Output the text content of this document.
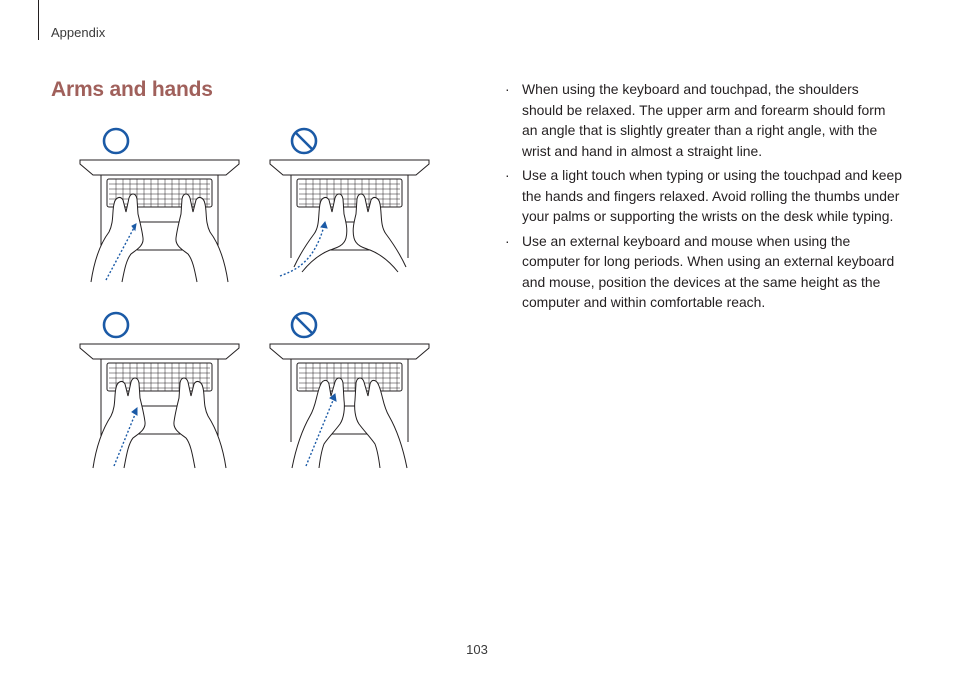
Appendix
Arms and hands	· When using the keyboard and touchpad, the shoulders should be relaxed. The upper arm and forearm should form an angle that is slightly greater than a right angle, with the wrist and hand in almost a straight line.
· Use a light touch when typing or using the touchpad and keep the hands and fingers relaxed. Avoid rolling the thumbs under your palms or supporting the wrists on the desk while typing.
· Use an external keyboard and mouse when using the computer for long periods. When using an external keyboard and mouse, position the devices at the same height as the computer and within comfortable reach.
103
